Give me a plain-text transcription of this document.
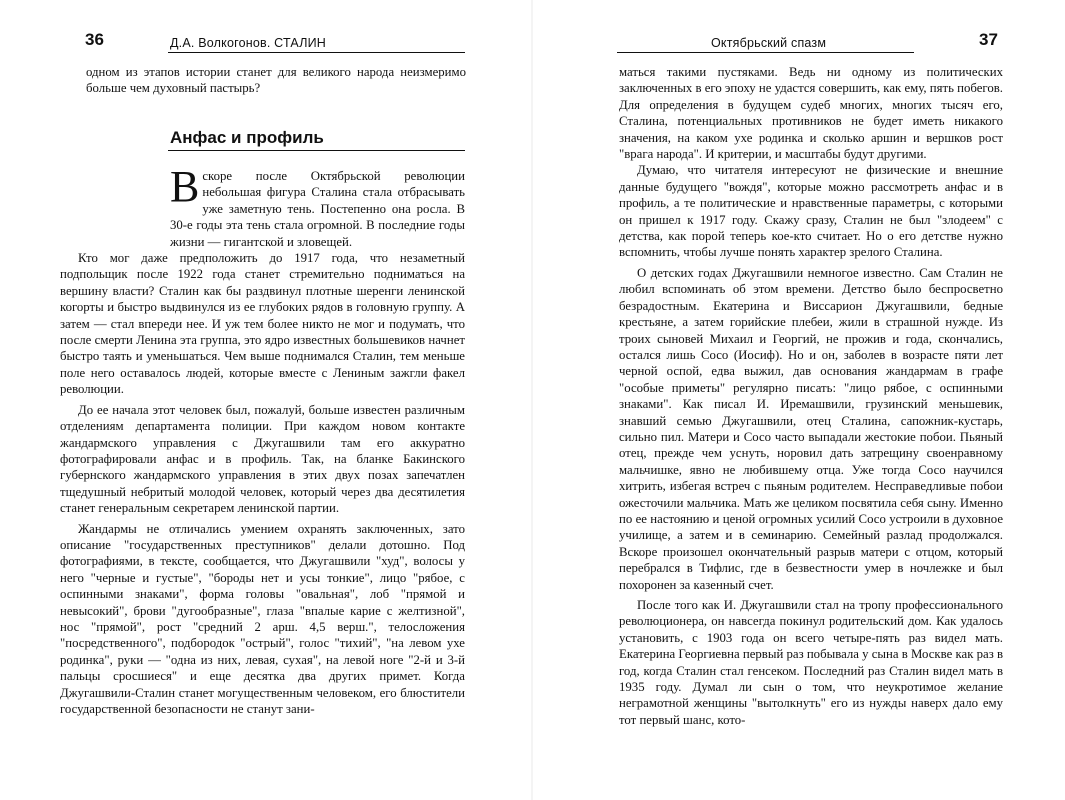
36	Д.А. Волкогонов. СТАЛИН

одном из этапов истории станет для великого народа неизмеримо больше чем духовный пастырь?

Анфас и профиль

Вскоре после Октябрьской революции небольшая фигура Сталина стала отбрасывать уже заметную тень. Постепенно она росла. В 30-е годы эта тень стала огромной. В последние годы жизни — гигантской и зловещей.

Кто мог даже предположить до 1917 года, что незаметный подпольщик после 1922 года станет стремительно подниматься на вершину власти? Сталин как бы раздвинул плотные шеренги ленинской когорты и быстро выдвинулся из ее глубоких рядов в головную группу. А затем — стал впереди нее. И уж тем более никто не мог и подумать, что после смерти Ленина эта группа, это ядро известных большевиков начнет быстро таять и уменьшаться. Чем выше поднимался Сталин, тем меньше поле него оставалось людей, которые вместе с Лениным зажгли факел революции.

До ее начала этот человек был, пожалуй, больше известен различным отделениям департамента полиции. При каждом новом контакте жандармского управления с Джугашвили там его аккуратно фотографировали анфас и в профиль. Так, на бланке Бакинского губернского жандармского управления в этих двух позах запечатлен тщедушный небритый молодой человек, который через два десятилетия станет генеральным секретарем ленинской партии.

Жандармы не отличались умением охранять заключенных, зато описание "государственных преступников" делали дотошно. Под фотографиями, в тексте, сообщается, что Джугашвили "худ", волосы у него "черные и густые", "бороды нет и усы тонкие", лицо "рябое, с оспинными знаками", форма головы "овальная", лоб "прямой и невысокий", брови "дугообразные", глаза "впалые карие с желтизной", нос "прямой", рост "средний 2 арш. 4,5 верш.", телосложения "посредственного", подбородок "острый", голос "тихий", "на левом ухе родинка", руки — "одна из них, левая, сухая", на левой ноге "2-й и 3-й пальцы сросшиеся" и еще десятка два других примет. Когда Джугашвили-Сталин станет могущественным человеком, его блюстители государственной безопасности не станут зани-

Октябрьский спазм	37

маться такими пустяками. Ведь ни одному из политических заключенных в его эпоху не удастся совершить, как ему, пять побегов. Для определения в будущем судеб многих, многих тысяч его, Сталина, потенциальных противников не будет иметь никакого значения, на каком ухе родинка и сколько аршин и вершков рост "врага народа". И критерии, и масштабы будут другими.

Думаю, что читателя интересуют не физические и внешние данные будущего "вождя", которые можно рассмотреть анфас и в профиль, а те политические и нравственные параметры, с которыми он пришел к 1917 году. Скажу сразу, Сталин не был "злодеем" с детства, как порой теперь кое-кто считает. Но о его детстве нужно вспомнить, чтобы лучше понять характер зрелого Сталина.

О детских годах Джугашвили немногое известно. Сам Сталин не любил вспоминать об этом времени. Детство было беспросветно безрадостным. Екатерина и Виссарион Джугашвили, бедные крестьяне, а затем горийские плебеи, жили в страшной нужде. Из троих сыновей Михаил и Георгий, не прожив и года, скончались, остался лишь Сосо (Иосиф). Но и он, заболев в возрасте пяти лет черной оспой, едва выжил, дав основания жандармам в графе "особые приметы" регулярно писать: "лицо рябое, с оспинными знаками". Как писал И. Иремашвили, грузинский меньшевик, знавший семью Джугашвили, отец Сталина, сапожник-кустарь, сильно пил. Матери и Сосо часто выпадали жестокие побои. Пьяный отец, прежде чем уснуть, норовил дать затрещину своенравному мальчишке, явно не любившему отца. Уже тогда Сосо научился хитрить, избегая встреч с пьяным родителем. Несправедливые побои ожесточили мальчика. Мать же целиком посвятила себя сыну. Именно по ее настоянию и ценой огромных усилий Сосо устроили в духовное училище, а затем и в семинарию. Семейный разлад продолжался. Вскоре произошел окончательный разрыв матери с отцом, который перебрался в Тифлис, где в безвестности умер в ночлежке и был похоронен за казенный счет.

После того как И. Джугашвили стал на тропу профессионального революционера, он навсегда покинул родительский дом. Как удалось установить, с 1903 года он всего четыре-пять раз видел мать. Екатерина Георгиевна первый раз побывала у сына в Москве как раз в год, когда Сталин стал генсеком. Последний раз Сталин видел мать в 1935 году. Думал ли сын о том, что неукротимое желание неграмотной женщины "вытолкнуть" его из нужды наверх дало ему тот первый шанс, кото-
